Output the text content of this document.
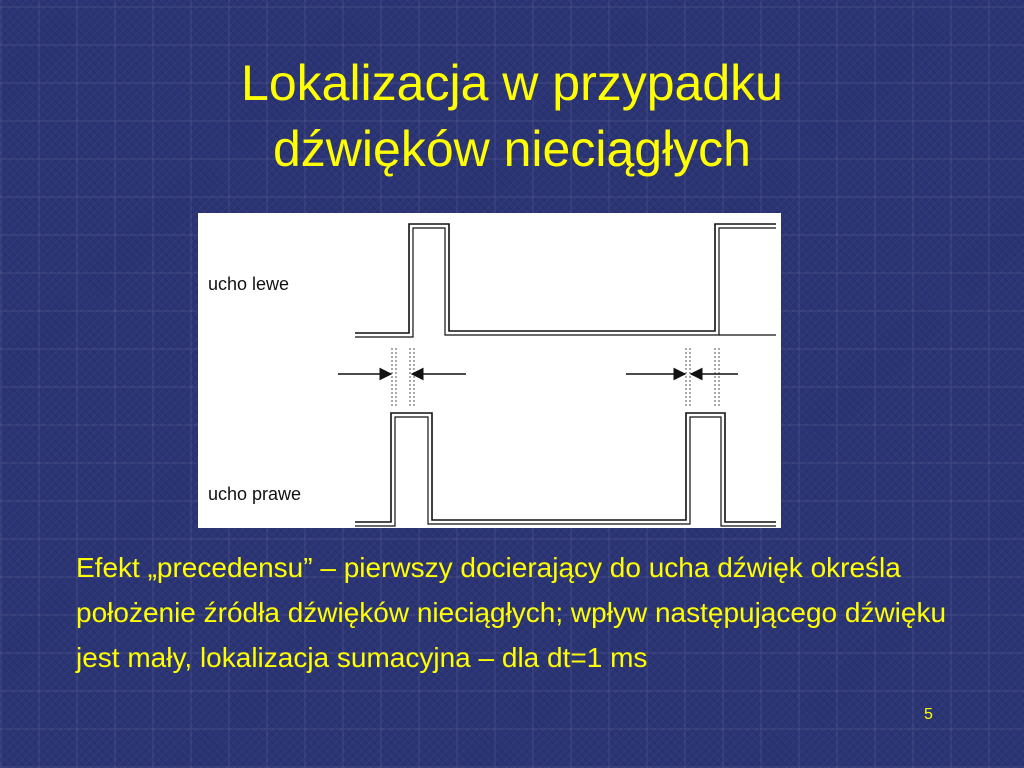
Lokalizacja w przypadku
dźwięków nieciągłych
ucho lewe
ucho prawe

Efekt „precedensu” – pierwszy docierający do ucha dźwięk określa położenie źródła dźwięków nieciągłych; wpływ następującego dźwięku jest mały, lokalizacja sumacyjna – dla dt=1 ms

5
